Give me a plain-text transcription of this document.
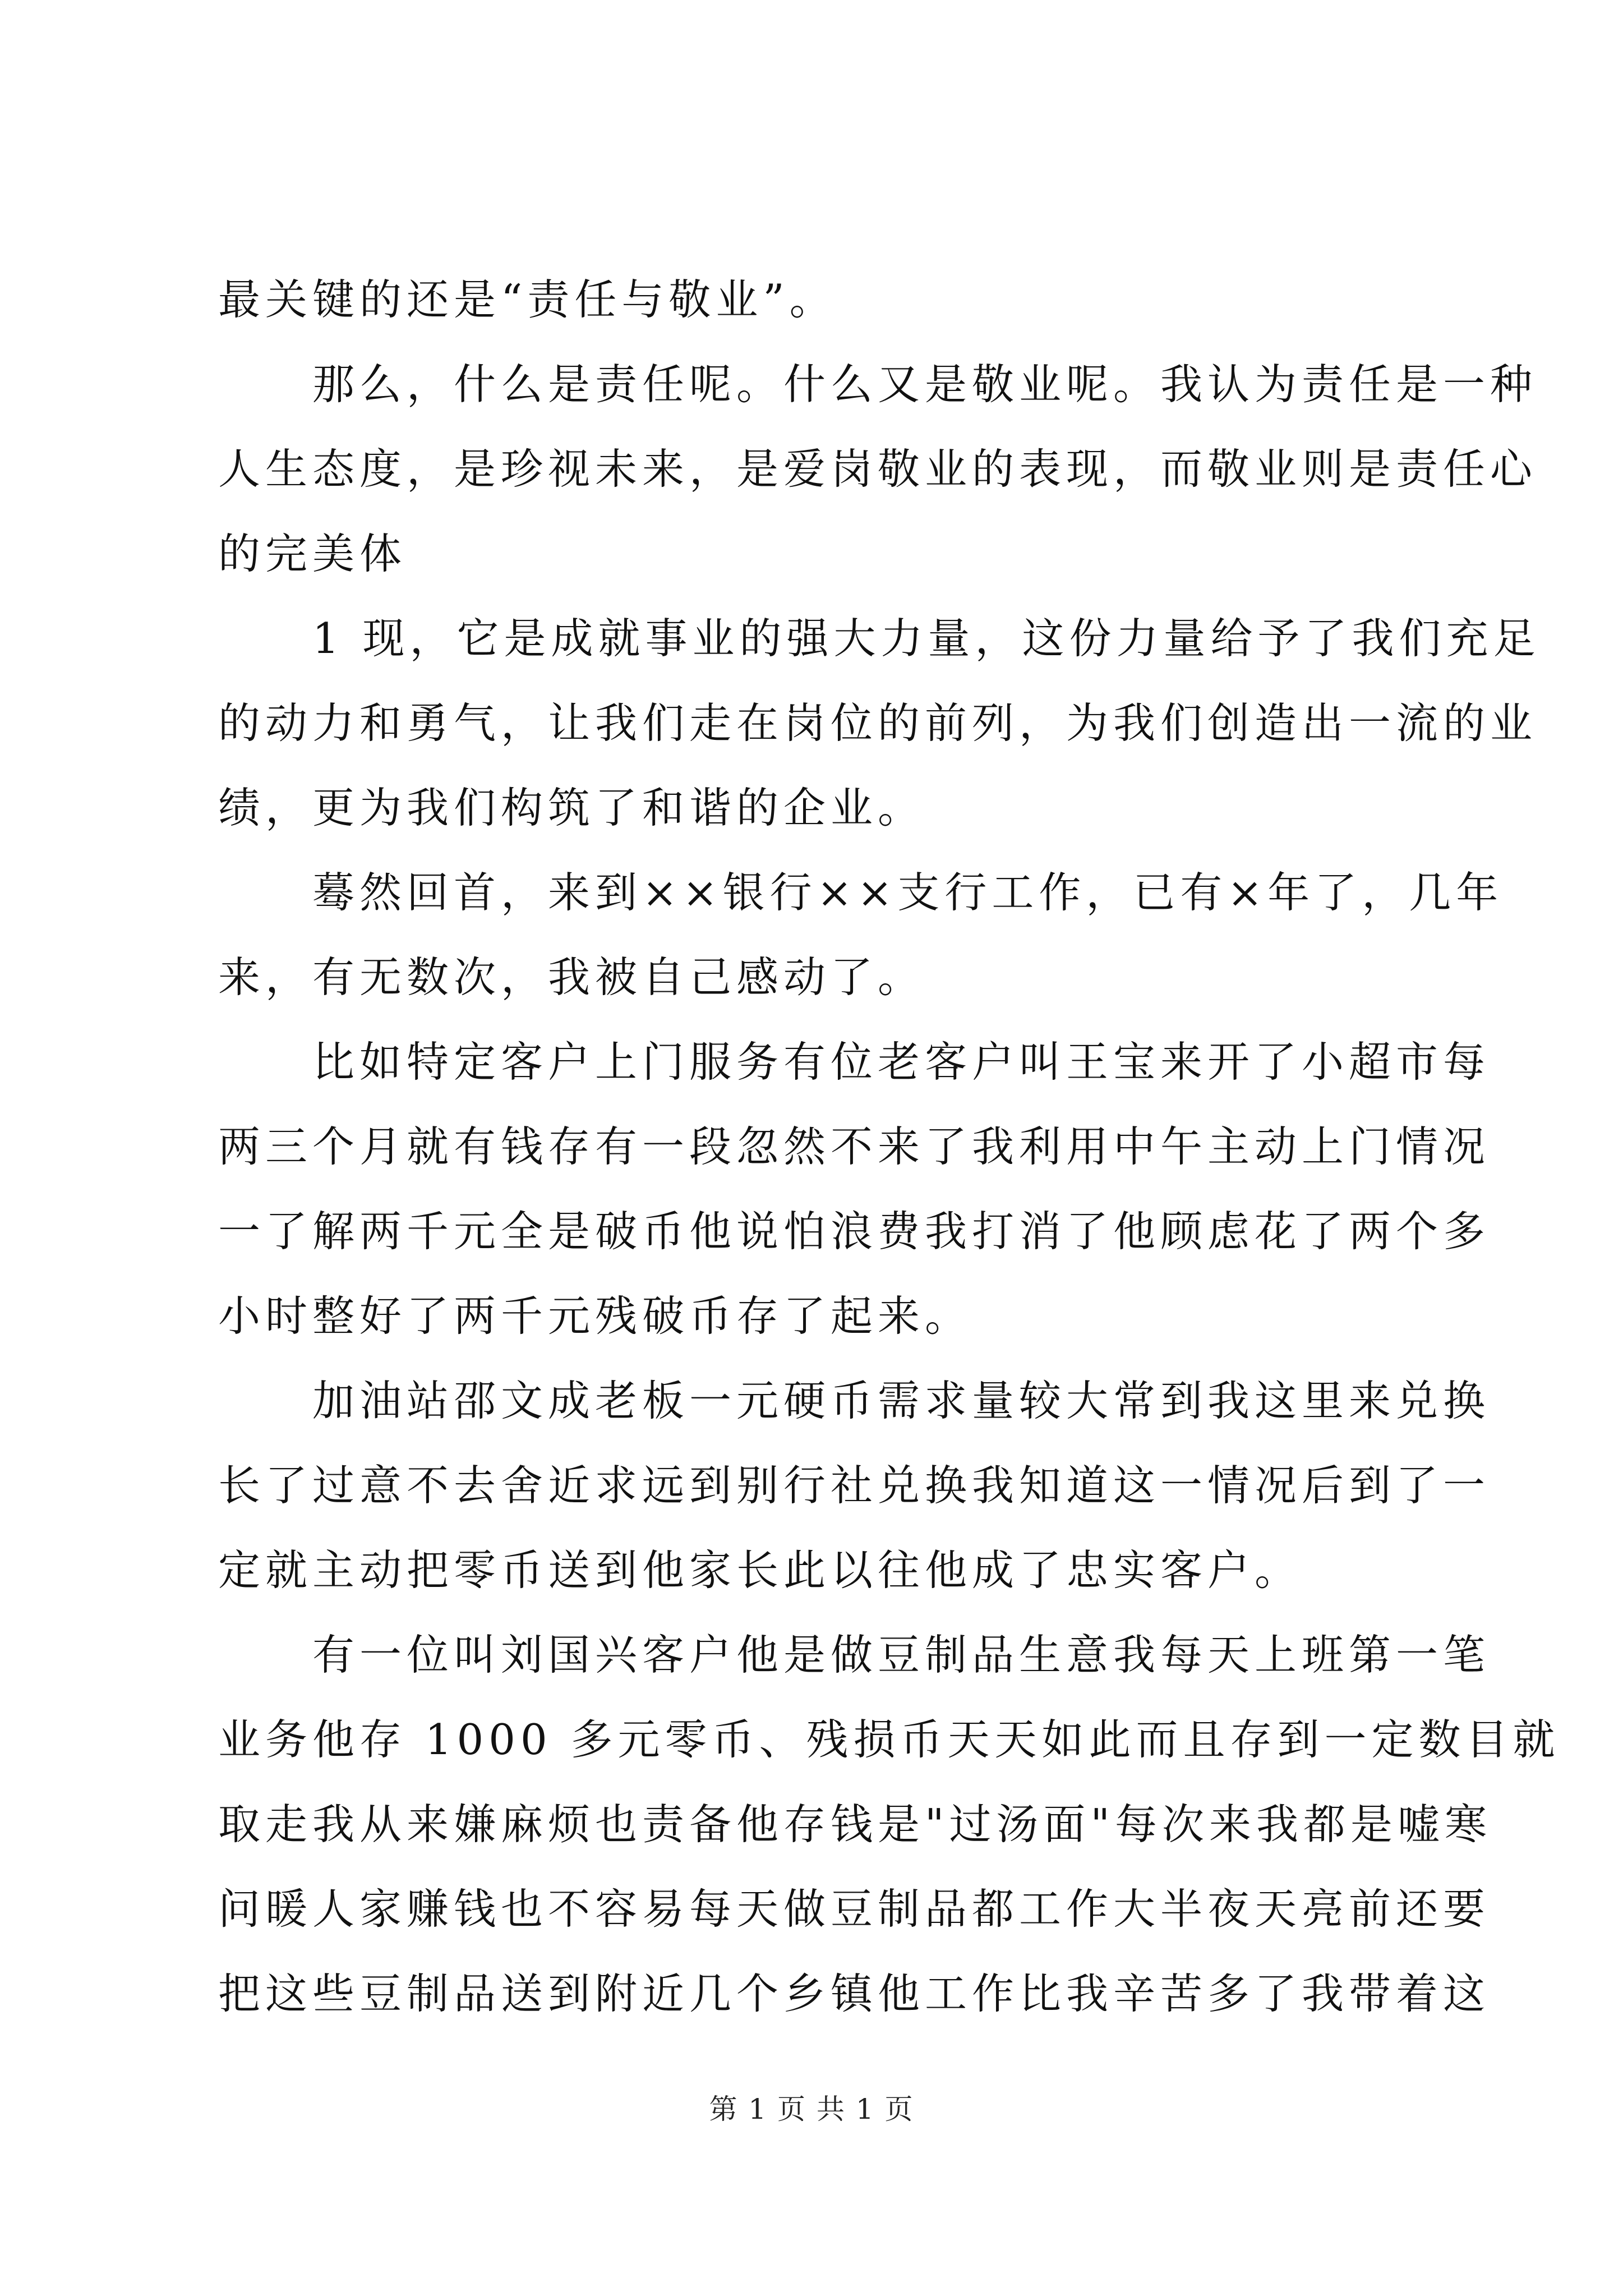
最关键的还是“责任与敬业”。
那么，什么是责任呢。什么又是敬业呢。我认为责任是一种
人生态度，是珍视未来，是爱岗敬业的表现，而敬业则是责任心
的完美体
1 现，它是成就事业的强大力量，这份力量给予了我们充足
的动力和勇气，让我们走在岗位的前列，为我们创造出一流的业
绩，更为我们构筑了和谐的企业。
蓦然回首，来到××银行××支行工作，已有×年了，几年
来，有无数次，我被自己感动了。
比如特定客户上门服务有位老客户叫王宝来开了小超市每
两三个月就有钱存有一段忽然不来了我利用中午主动上门情况
一了解两千元全是破币他说怕浪费我打消了他顾虑花了两个多
小时整好了两千元残破币存了起来。
加油站邵文成老板一元硬币需求量较大常到我这里来兑换
长了过意不去舍近求远到别行社兑换我知道这一情况后到了一
定就主动把零币送到他家长此以往他成了忠实客户。
有一位叫刘国兴客户他是做豆制品生意我每天上班第一笔
业务他存 1000 多元零币、残损币天天如此而且存到一定数目就
取走我从来嫌麻烦也责备他存钱是"过汤面"每次来我都是嘘寒
问暖人家赚钱也不容易每天做豆制品都工作大半夜天亮前还要
把这些豆制品送到附近几个乡镇他工作比我辛苦多了我带着这
第 1 页 共 1 页
